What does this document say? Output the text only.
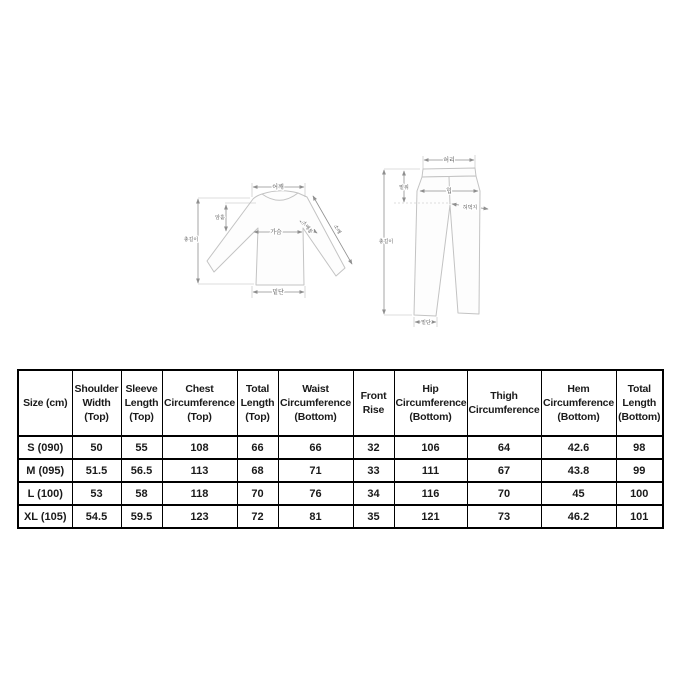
어깨
총길이
암홀
가슴
밑단
소매
소매통
허리
밑위
힙
허벅지
총길이
밑단
Size (cm)	Shoulder Width (Top)	Sleeve Length (Top)	Chest Circumference (Top)	Total Length (Top)	Waist Circumference (Bottom)	Front Rise	Hip Circumference (Bottom)	Thigh Circumference	Hem Circumference (Bottom)	Total Length (Bottom)
S (090)	50	55	108	66	66	32	106	64	42.6	98
M (095)	51.5	56.5	113	68	71	33	111	67	43.8	99
L (100)	53	58	118	70	76	34	116	70	45	100
XL (105)	54.5	59.5	123	72	81	35	121	73	46.2	101
